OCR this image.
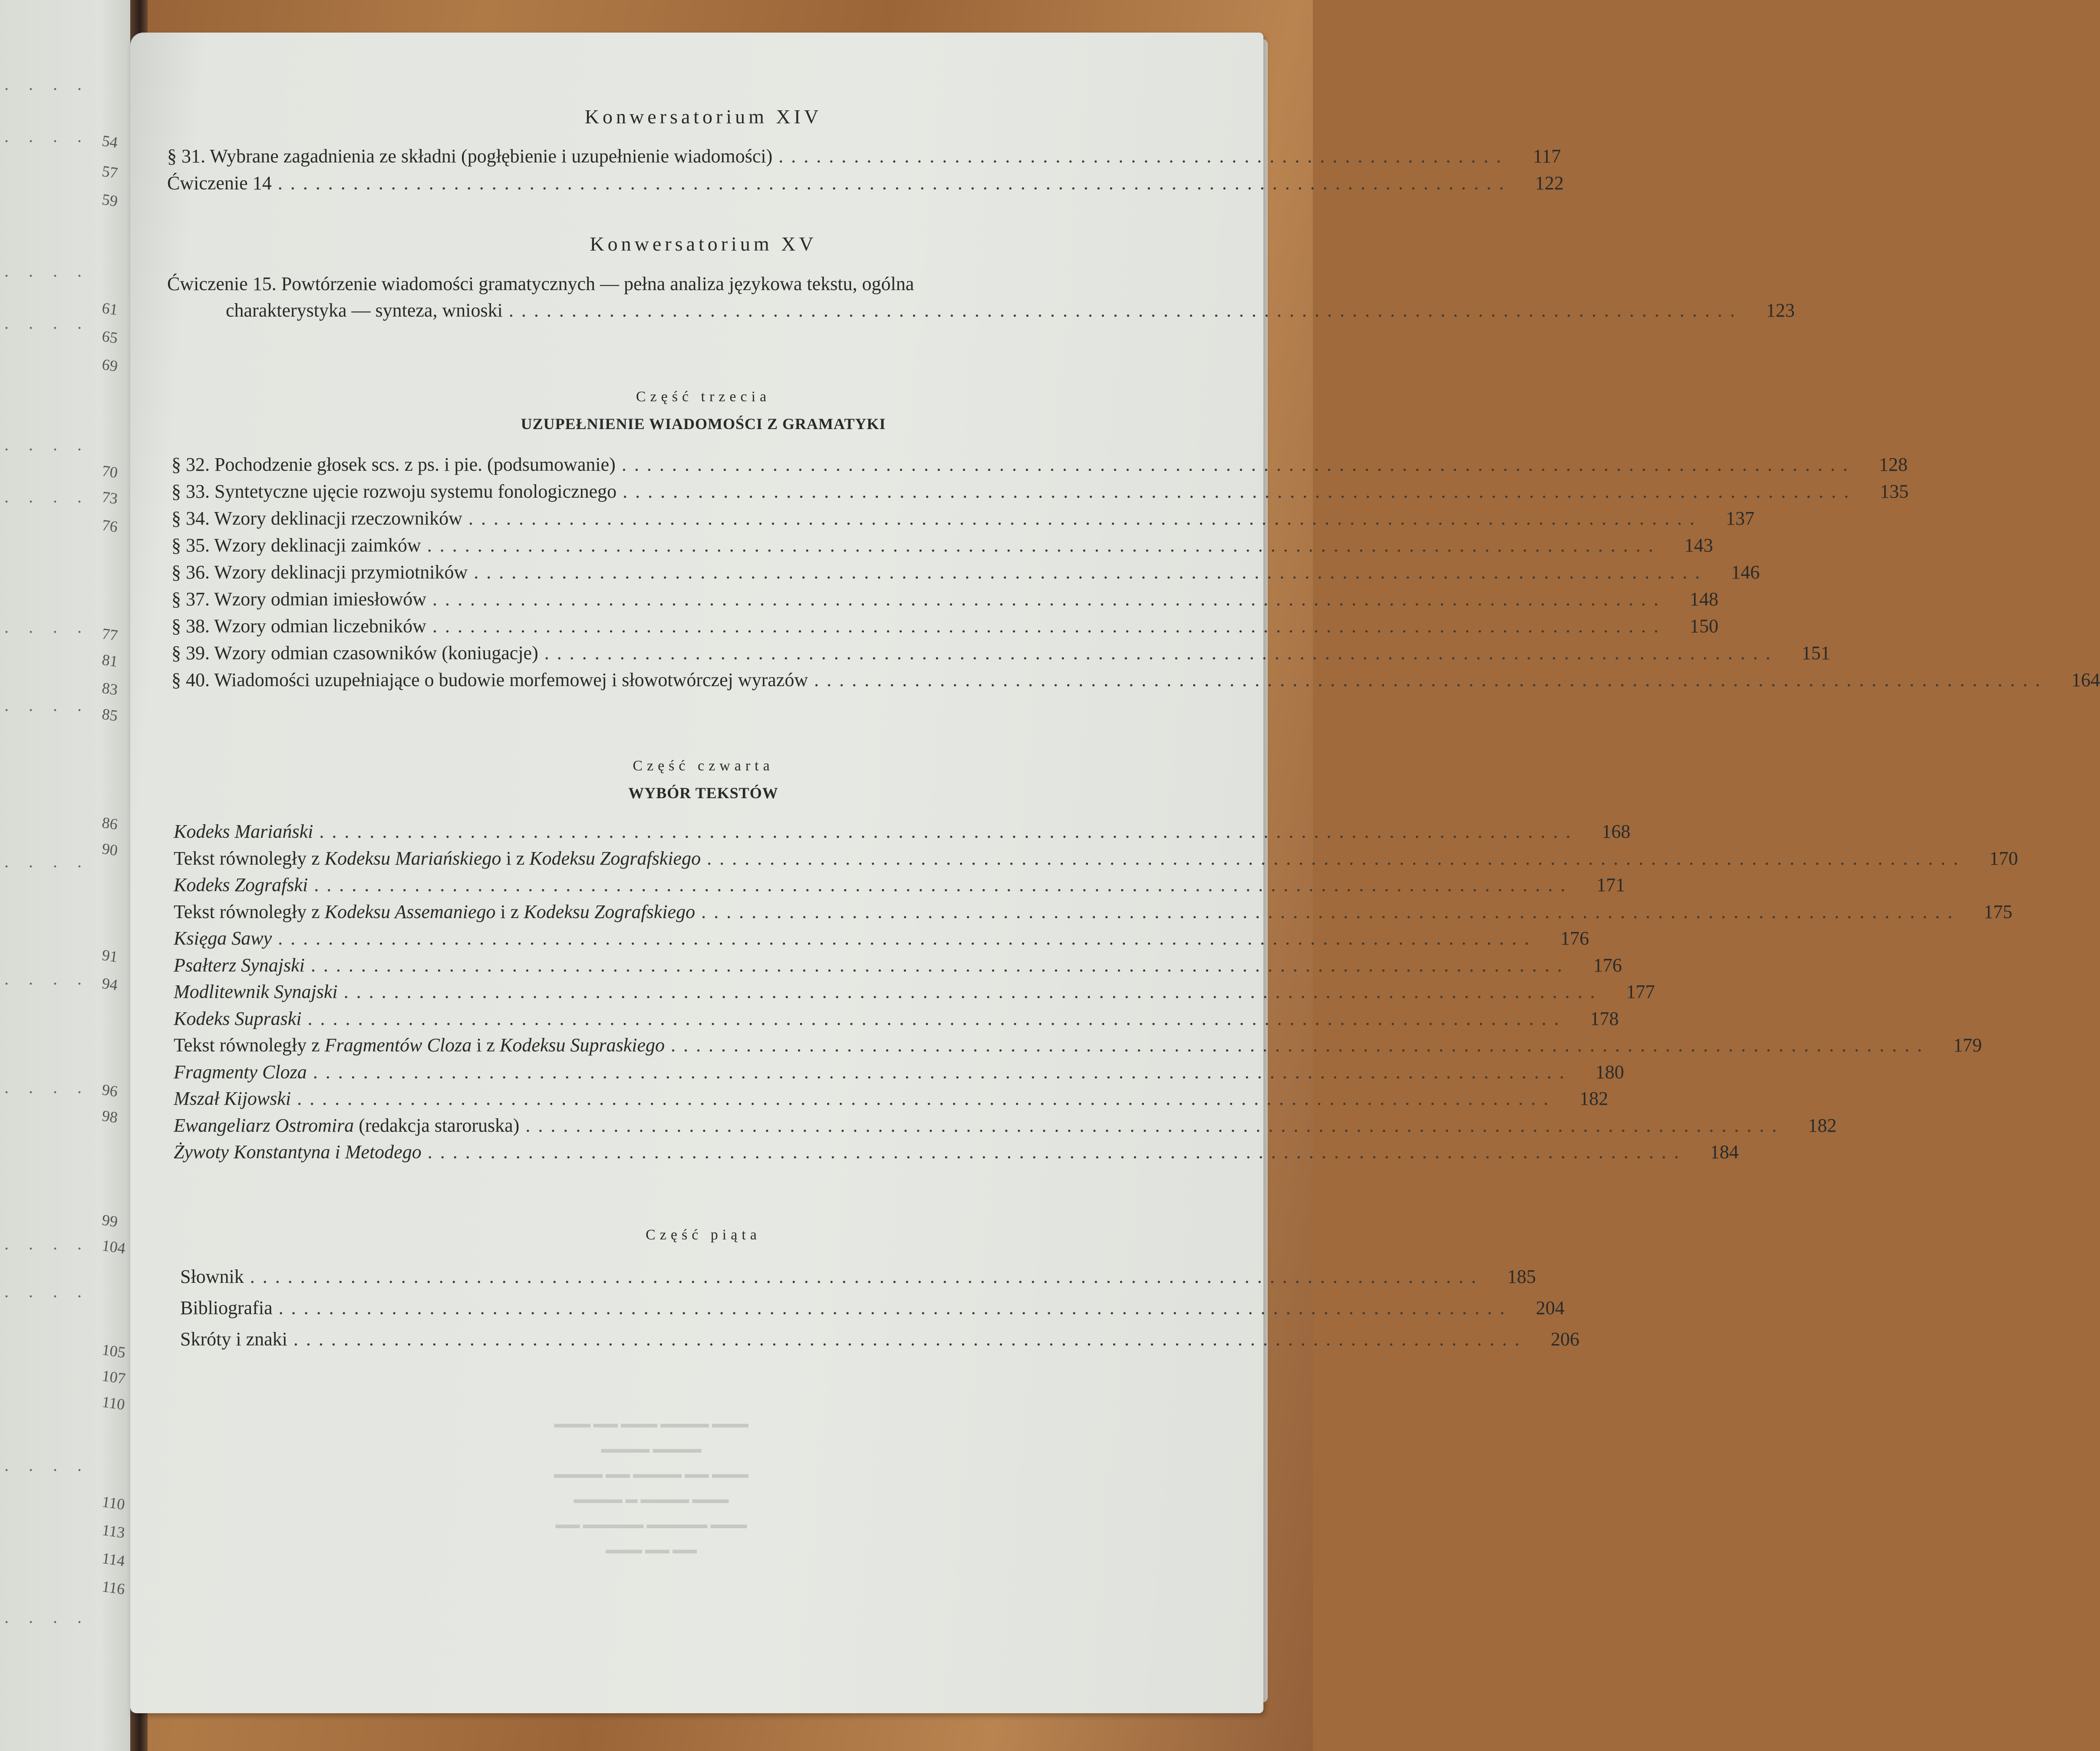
. . . .
. . . .
. . . .
. . . .
. . . .
. . . .
. . . .
. . . .
. . . .
. . . .
. . . .
. . . .
. . . .
. . . .
. . . .
54
57
59
61
65
69
70
73
76
77
81
83
85
86
90
91
94
96
98
99
104
105
107
110
110
113
114
116
Konwersatorium XIV
§ 31. Wybrane zagadnienia ze składni (pogłębienie i uzupełnienie wiadomości) ..........................................................	117
Ćwiczenie 14 ..................................................................................................	122
Konwersatorium XV
Ćwiczenie 15. Powtórzenie wiadomości gramatycznych — pełna analiza językowa tekstu, ogólna
charakterystyka — synteza, wnioski ..................................................................................................	123
Część trzecia
UZUPEŁNIENIE WIADOMOŚCI Z GRAMATYKI
§ 32. Pochodzenie głosek scs. z ps. i pie. (podsumowanie) ..................................................................................................	128
§ 33. Syntetyczne ujęcie rozwoju systemu fonologicznego ..................................................................................................	135
§ 34. Wzory deklinacji rzeczowników ..................................................................................................	137
§ 35. Wzory deklinacji zaimków ..................................................................................................	143
§ 36. Wzory deklinacji przymiotników ..................................................................................................	146
§ 37. Wzory odmian imiesłowów ..................................................................................................	148
§ 38. Wzory odmian liczebników ..................................................................................................	150
§ 39. Wzory odmian czasowników (koniugacje) ..................................................................................................	151
§ 40. Wiadomości uzupełniające o budowie morfemowej i słowotwórczej wyrazów ..................................................................................................	164
Część czwarta
WYBÓR TEKSTÓW
Kodeks Mariański ....................................................................................................	168
Tekst równoległy z Kodeksu Mariańskiego i z Kodeksu Zografskiego ....................................................................................................	170
Kodeks Zografski ....................................................................................................	171
Tekst równoległy z Kodeksu Assemaniego i z Kodeksu Zografskiego ....................................................................................................	175
Księga Sawy ....................................................................................................	176
Psałterz Synajski ....................................................................................................	176
Modlitewnik Synajski ....................................................................................................	177
Kodeks Supraski ....................................................................................................	178
Tekst równoległy z Fragmentów Cloza i z Kodeksu Supraskiego ....................................................................................................	179
Fragmenty Cloza ....................................................................................................	180
Mszał Kijowski ....................................................................................................	182
Ewangeliarz Ostromira (redakcja staroruska) ....................................................................................................	182
Żywoty Konstantyna i Metodego ....................................................................................................	184
Część piąta
Słownik ..................................................................................................	185
Bibliografia ..................................................................................................	204
Skróty i znaki ..................................................................................................	206
▬▬▬ ▬▬▬▬ ▬▬▬ ▬▬ ▬▬▬
▬▬▬▬ ▬▬▬▬
▬▬▬ ▬▬ ▬▬▬▬ ▬▬ ▬▬▬▬
▬▬▬ ▬▬▬▬ ▬ ▬▬▬▬
▬▬▬ ▬▬▬▬▬ ▬▬▬▬▬ ▬▬
▬▬ ▬▬ ▬▬▬
